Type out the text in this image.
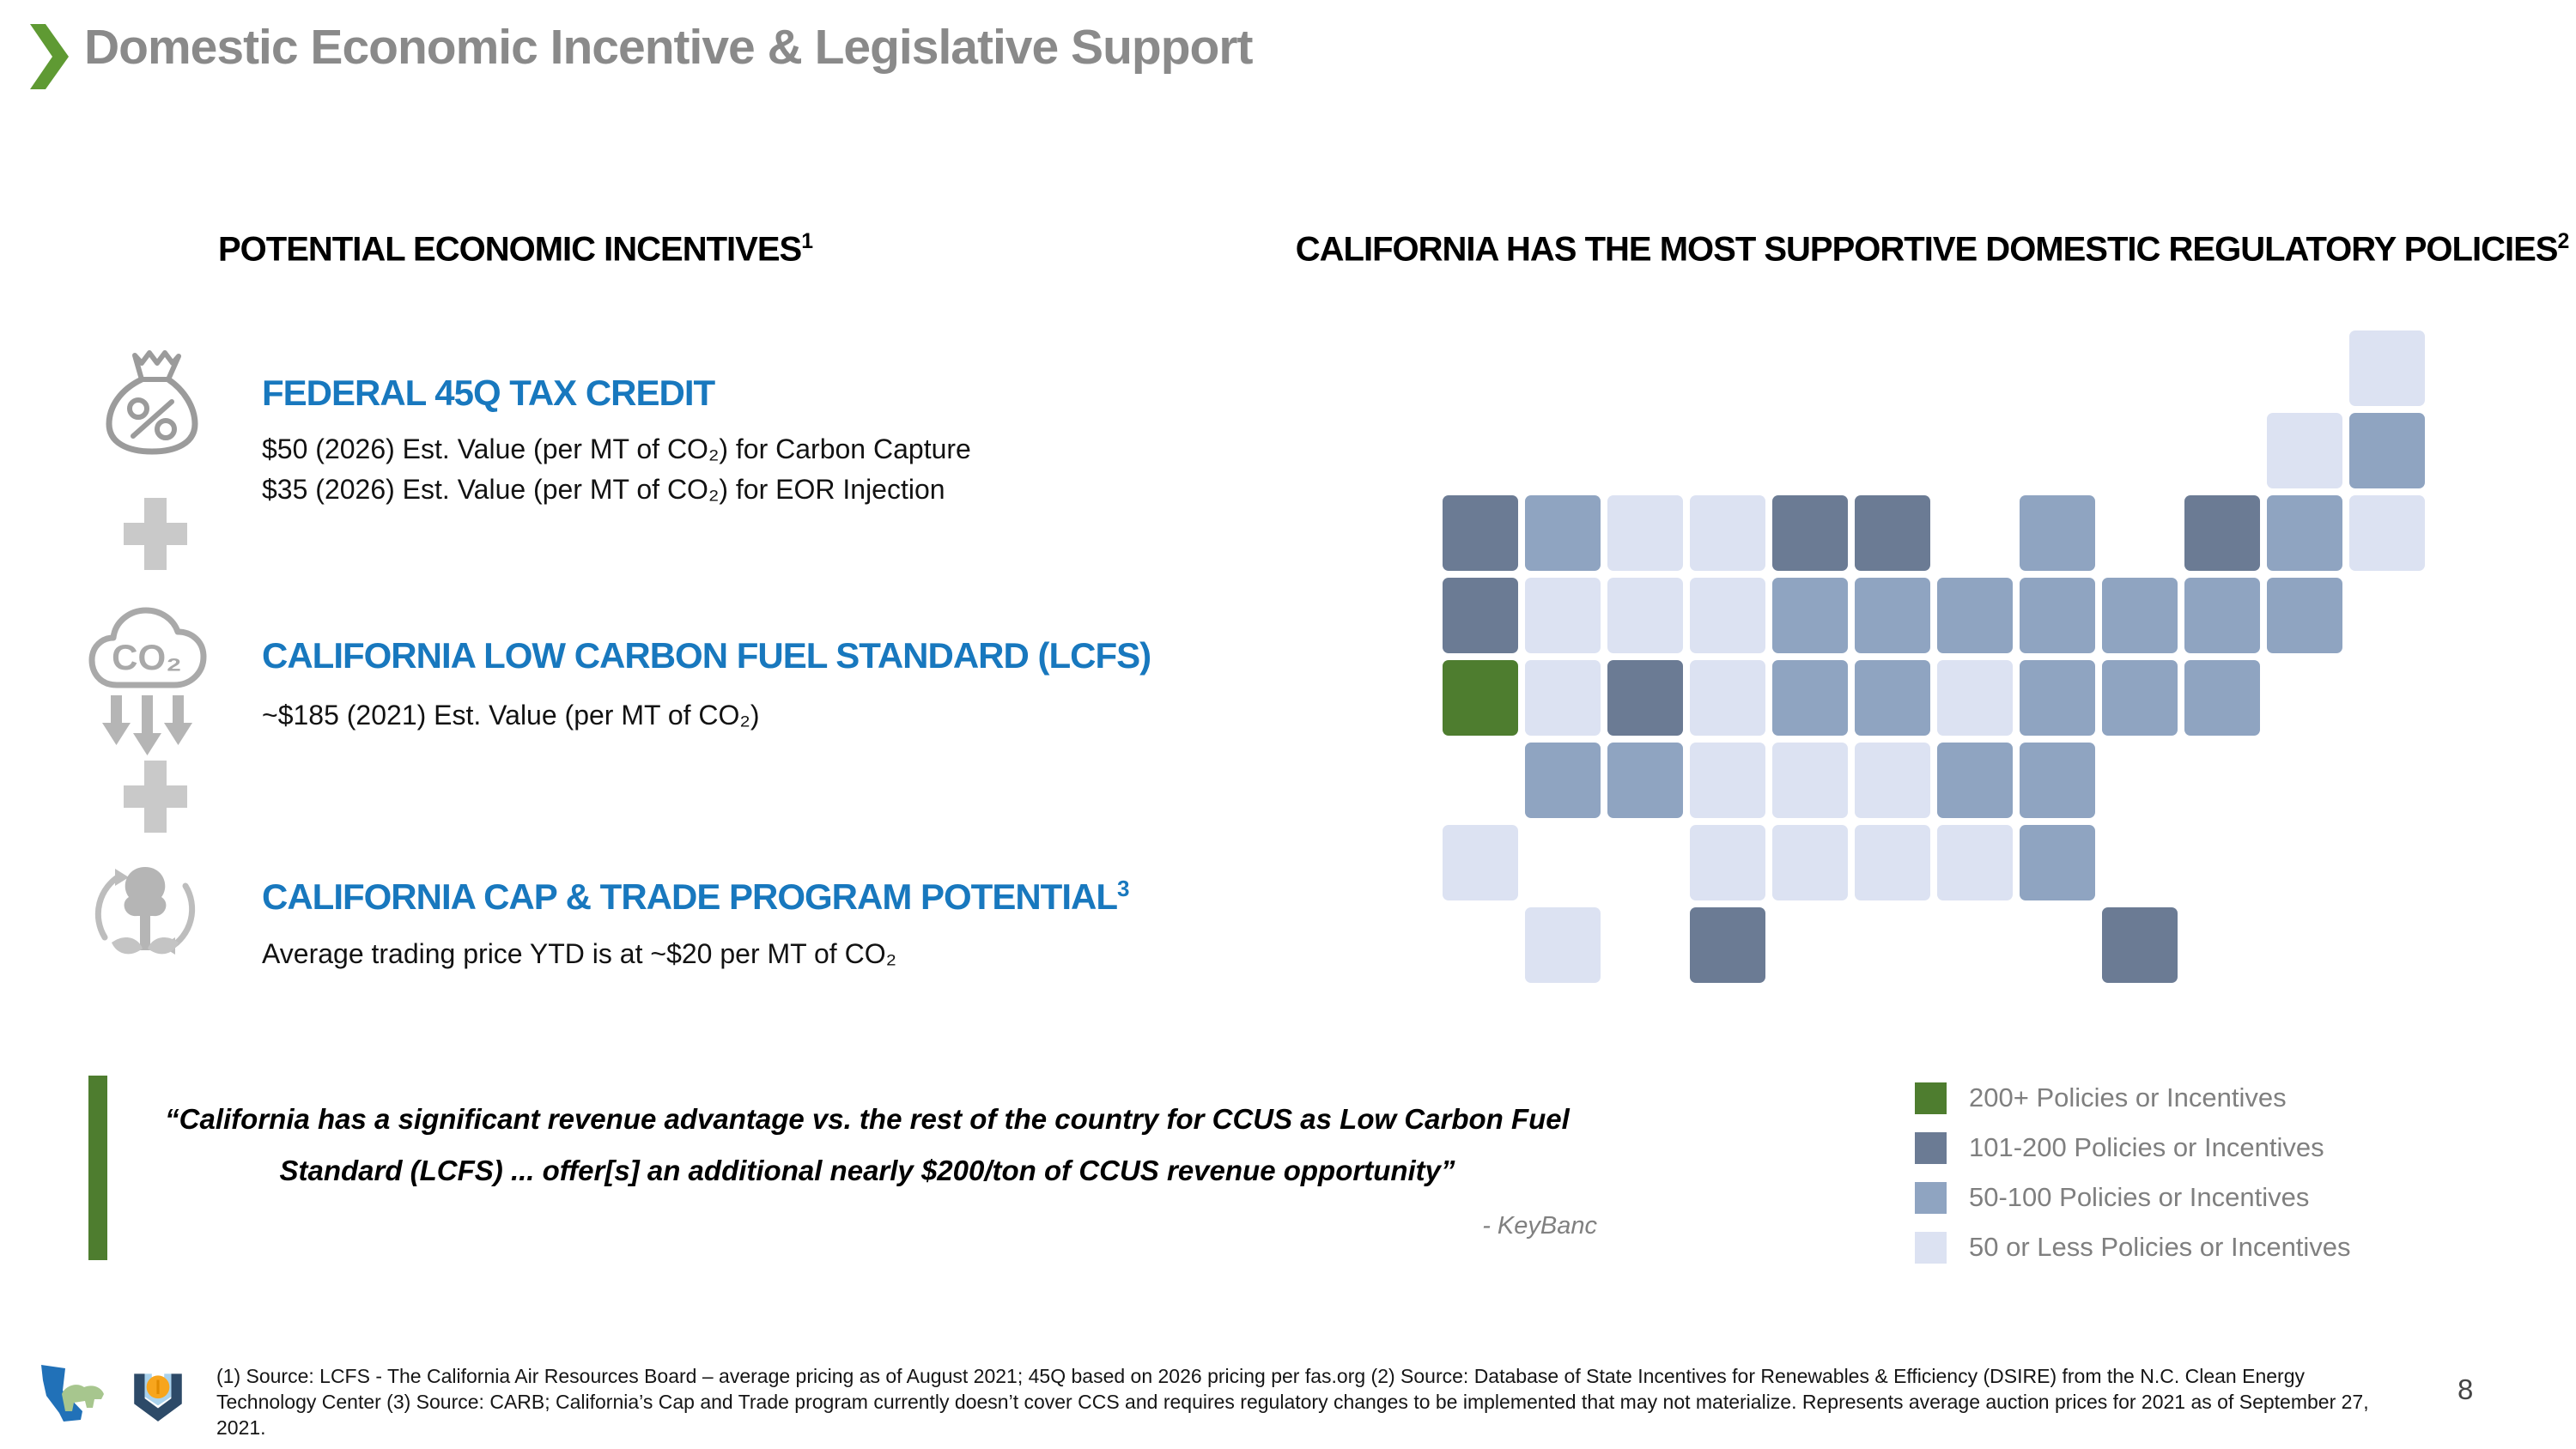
Domestic Economic Incentive & Legislative Support
POTENTIAL ECONOMIC INCENTIVES$^1$	CALIFORNIA HAS THE MOST SUPPORTIVE DOMESTIC REGULATORY POLICIES$^2$
FEDERAL 45Q TAX CREDIT
$50 (2026) Est. Value (per MT of CO₂) for Carbon Capture
$35 (2026) Est. Value (per MT of CO₂) for EOR Injection
CO₂ CALIFORNIA LOW CARBON FUEL STANDARD (LCFS)
~$185 (2021) Est. Value (per MT of CO₂)
CALIFORNIA CAP & TRADE PROGRAM POTENTIAL$^3$
Average trading price YTD is at ~$20 per MT of CO₂
“California has a significant revenue advantage vs. the rest of the country for CCUS as Low Carbon Fuel
Standard (LCFS) ... offer[s] an additional nearly $200/ton of CCUS revenue opportunity”
- KeyBanc
200+ Policies or Incentives
101-200 Policies or Incentives
50-100 Policies or Incentives
50 or Less Policies or Incentives
(1) Source: LCFS - The California Air Resources Board – average pricing as of August 2021; 45Q based on 2026 pricing per fas.org (2) Source: Database of State Incentives for Renewables & Efficiency (DSIRE) from the N.C. Clean Energy
Technology Center (3) Source: CARB; California’s Cap and Trade program currently doesn’t cover CCS and requires regulatory changes to be implemented that may not materialize. Represents average auction prices for 2021 as of September 27,
2021.
8
